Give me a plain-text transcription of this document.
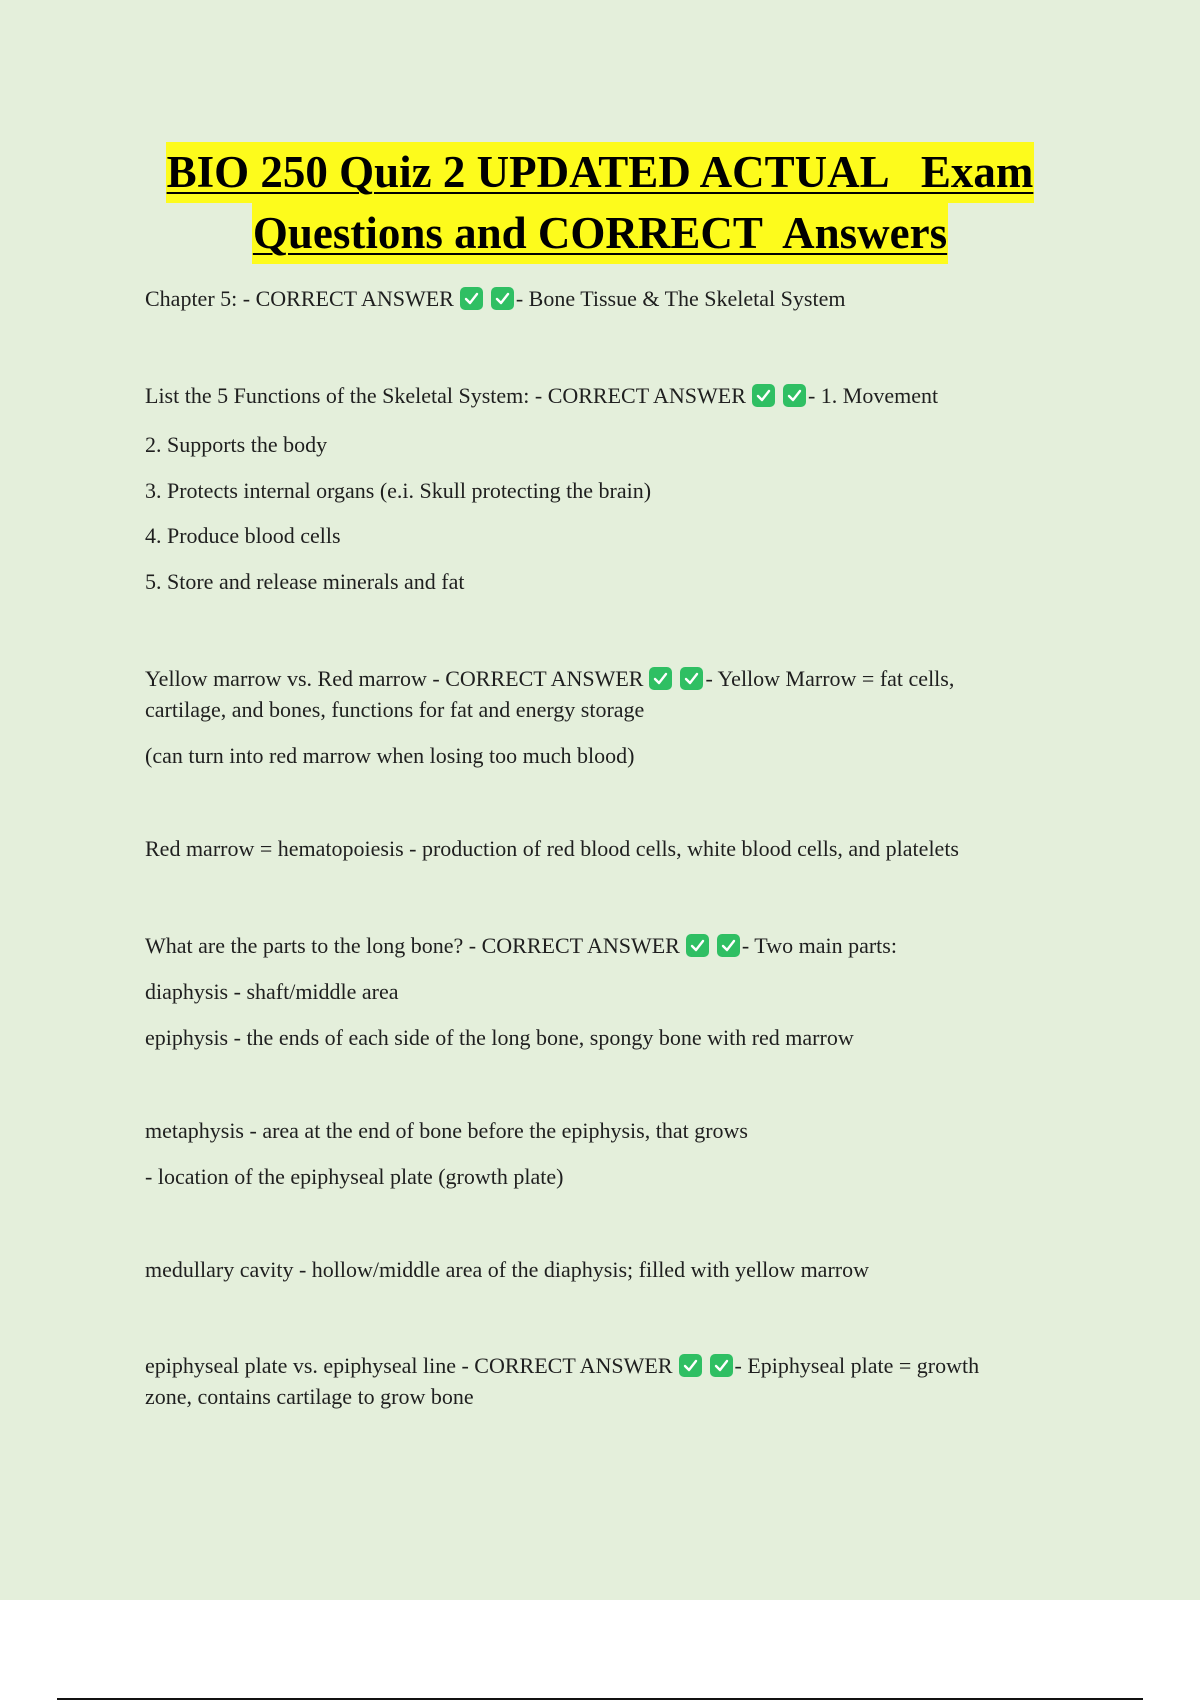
BIO 250 Quiz 2 UPDATED ACTUAL   Exam
Questions and CORRECT  Answers
Chapter 5: - CORRECT ANSWER	- Bone Tissue & The Skeletal System
List the 5 Functions of the Skeletal System: - CORRECT ANSWER	- 1. Movement
2. Supports the body
3. Protects internal organs (e.i. Skull protecting the brain)
4. Produce blood cells
5. Store and release minerals and fat
Yellow marrow vs. Red marrow - CORRECT ANSWER	- Yellow Marrow = fat cells,
cartilage, and bones, functions for fat and energy storage
(can turn into red marrow when losing too much blood)
Red marrow = hematopoiesis - production of red blood cells, white blood cells, and platelets
What are the parts to the long bone? - CORRECT ANSWER	- Two main parts:
diaphysis - shaft/middle area
epiphysis - the ends of each side of the long bone, spongy bone with red marrow
metaphysis - area at the end of bone before the epiphysis, that grows
- location of the epiphyseal plate (growth plate)
medullary cavity - hollow/middle area of the diaphysis; filled with yellow marrow
epiphyseal plate vs. epiphyseal line - CORRECT ANSWER	- Epiphyseal plate = growth
zone, contains cartilage to grow bone
